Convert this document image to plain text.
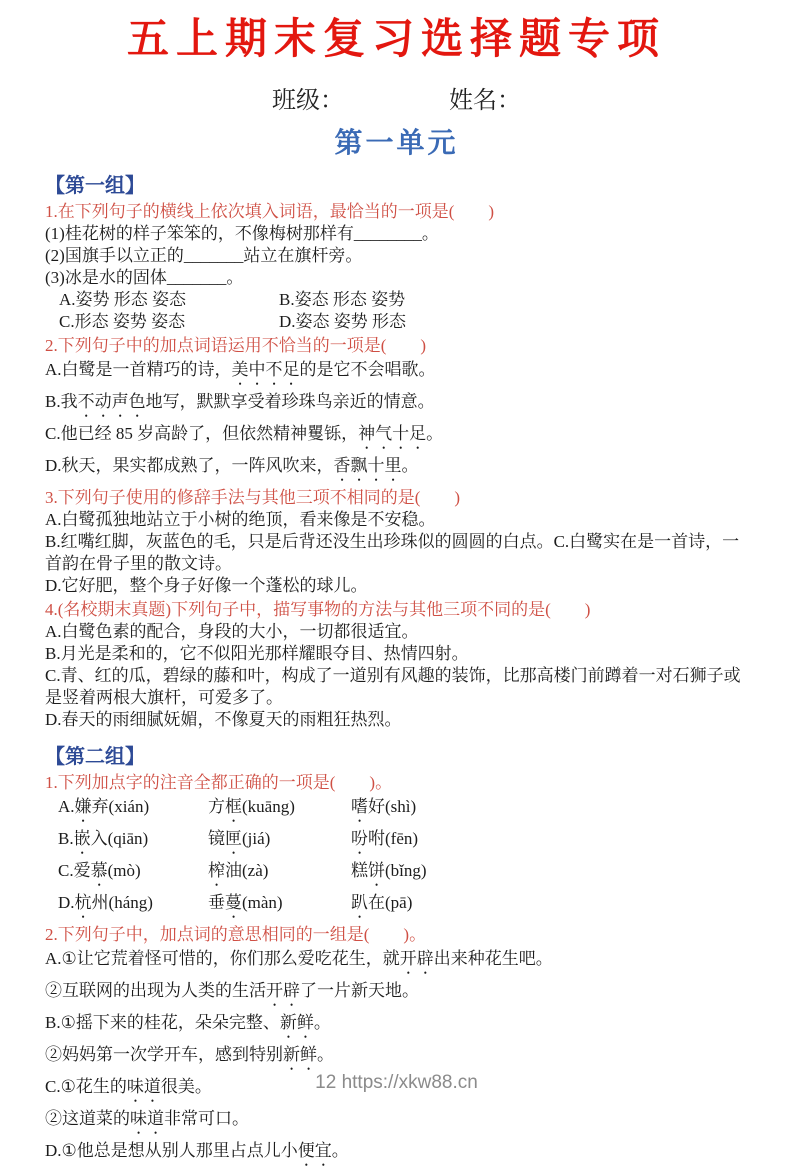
五上期末复习选择题专项
班级：	姓名：
第一单元
【第一组】
1.在下列句子的横线上依次填入词语，最恰当的一项是(　　)
(1)桂花树的样子笨笨的，不像梅树那样有________。
(2)国旗手以立正的_______站立在旗杆旁。
(3)冰是水的固体_______。
A.姿势 形态 姿态	B.姿态 形态 姿势
C.形态 姿势 姿态	D.姿态 姿势 形态
2.下列句子中的加点词语运用不恰当的一项是(　　)
A.白鹭是一首精巧的诗，美中不足的是它不会唱歌。
B.我不动声色地写，默默享受着珍珠鸟亲近的情意。
C.他已经 85 岁高龄了，但依然精神矍铄，神气十足。
D.秋天，果实都成熟了，一阵风吹来，香飘十里。
3.下列句子使用的修辞手法与其他三项不相同的是(　　)
A.白鹭孤独地站立于小树的绝顶，看来像是不安稳。
B.红嘴红脚，灰蓝色的毛，只是后背还没生出珍珠似的圆圆的白点。C.白鹭实在是一首诗，一首韵在骨子里的散文诗。
D.它好肥，整个身子好像一个蓬松的球儿。
4.(名校期末真题)下列句子中，描写事物的方法与其他三项不同的是(　　)
A.白鹭色素的配合，身段的大小，一切都很适宜。
B.月光是柔和的，它不似阳光那样耀眼夺目、热情四射。
C.青、红的瓜，碧绿的藤和叶，构成了一道别有风趣的装饰，比那高楼门前蹲着一对石狮子或是竖着两根大旗杆，可爱多了。
D.春天的雨细腻妩媚，不像夏天的雨粗狂热烈。
【第二组】
1.下列加点字的注音全都正确的一项是(　　)。
A.嫌弃(xián)	方框(kuāng)	嗜好(shì)
B.嵌入(qiān)	镜匣(jiá)	吩咐(fēn)
C.爱慕(mò)	榨油(zà)	糕饼(bǐng)
D.杭州(háng)	垂蔓(màn)	趴在(pā)
2.下列句子中，加点词的意思相同的一组是(　　)。
A.①让它荒着怪可惜的，你们那么爱吃花生，就开辟出来种花生吧。
②互联网的出现为人类的生活开辟了一片新天地。
B.①摇下来的桂花，朵朵完整、新鲜。
②妈妈第一次学开车，感到特别新鲜。
C.①花生的味道很美。
②这道菜的味道非常可口。
D.①他总是想从别人那里占点儿小便宜。
12 https://xkw88.cn
